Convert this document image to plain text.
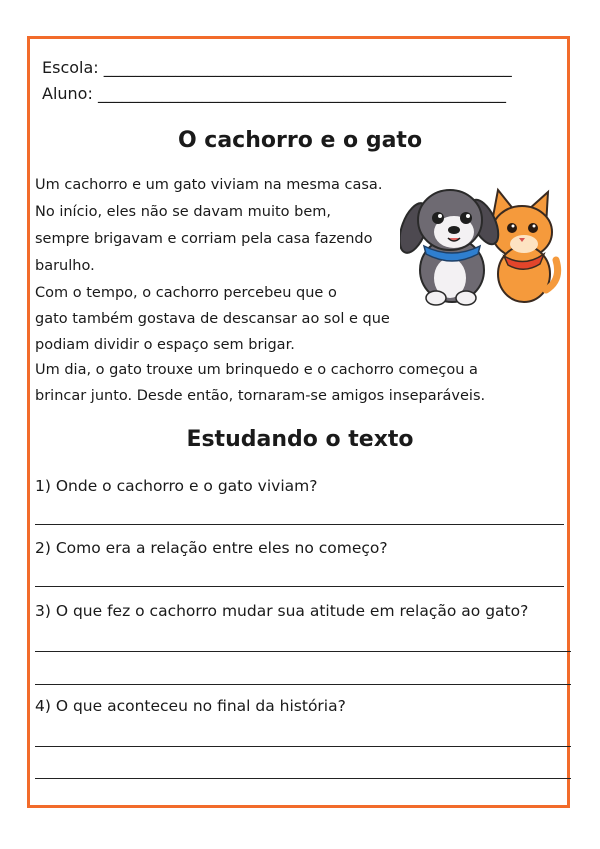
Escola: ___________________________________________________
Aluno: ___________________________________________________
O cachorro e o gato
Um cachorro e um gato viviam na mesma casa.
No início, eles não se davam muito bem,
sempre brigavam e corriam pela casa fazendo
barulho.
Com o tempo, o cachorro percebeu que o
gato também gostava de descansar ao sol e que
podiam dividir o espaço sem brigar.
Um dia, o gato trouxe um brinquedo e o cachorro começou a
brincar junto. Desde então, tornaram-se amigos inseparáveis.
Estudando o texto
1) Onde o cachorro e o gato viviam?
2) Como era a relação entre eles no começo?
3) O que fez o cachorro mudar sua atitude em relação ao gato?
4) O que aconteceu no final da história?
